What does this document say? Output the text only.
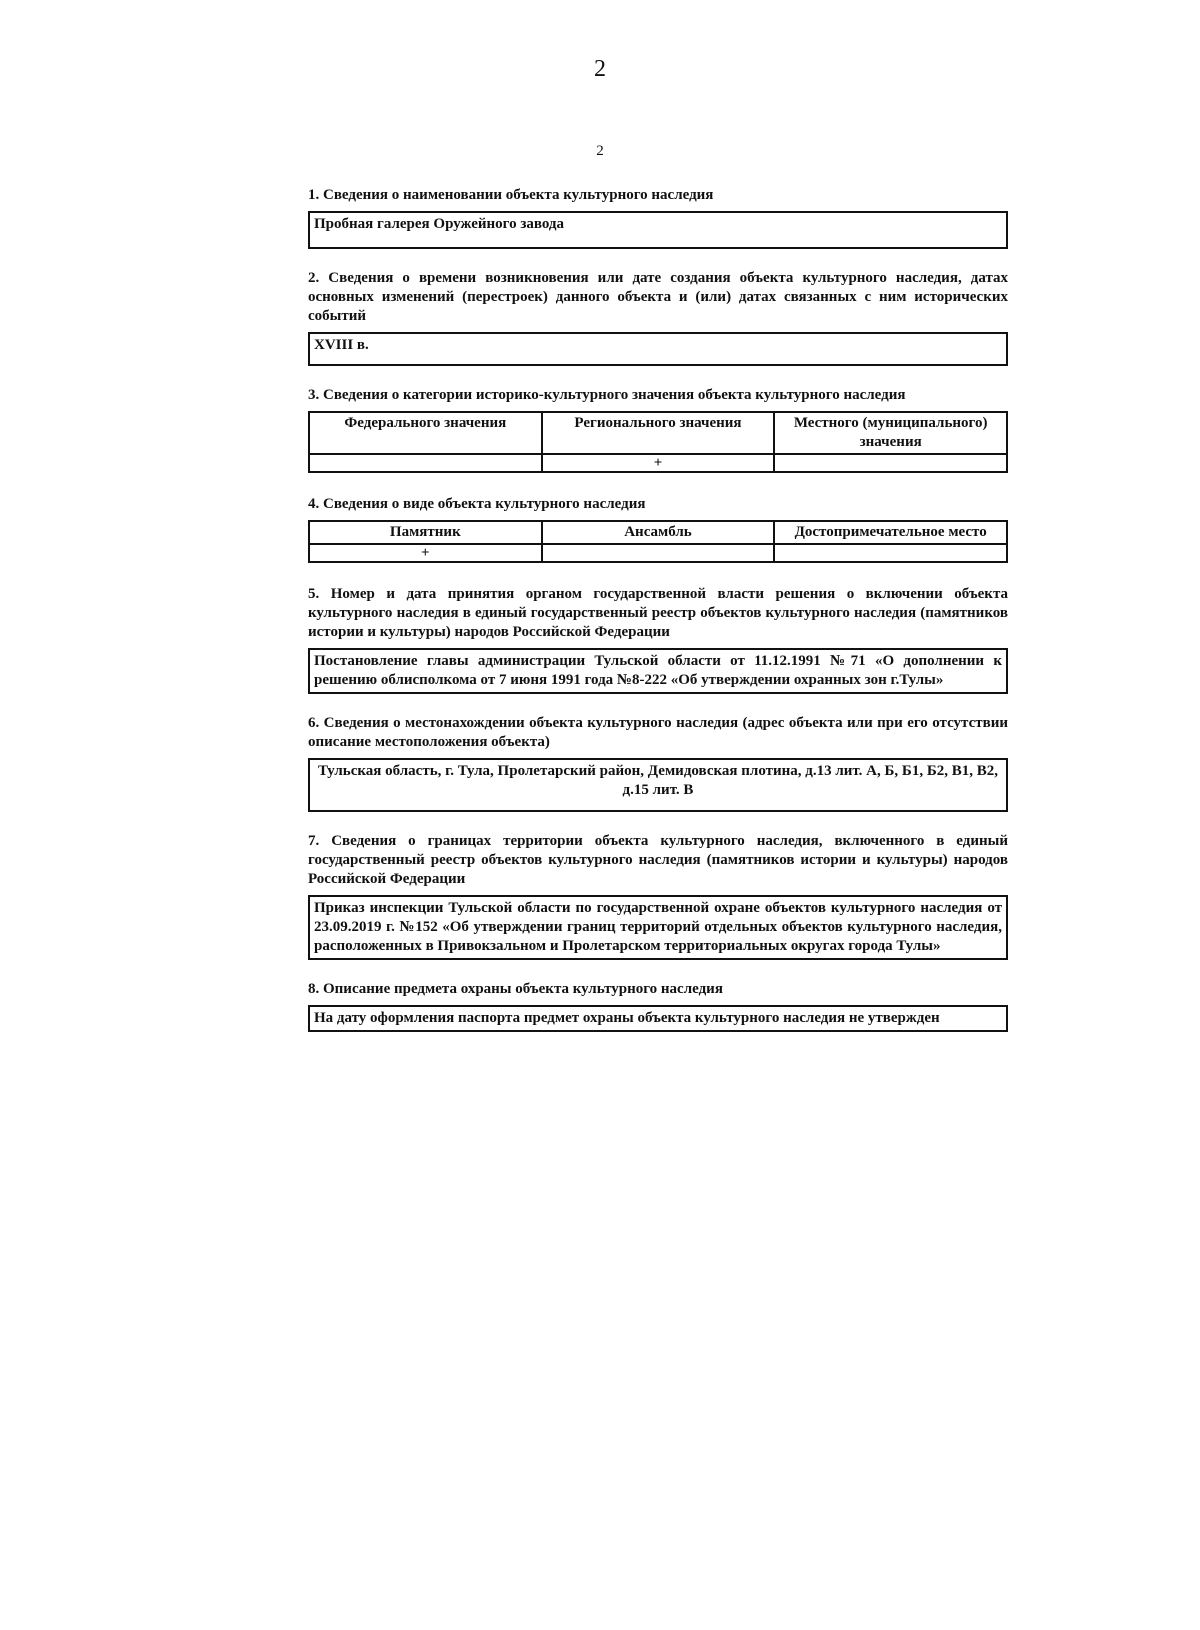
2
2
1. Сведения о наименовании объекта культурного наследия
Пробная галерея Оружейного завода
2. Сведения о времени возникновения или дате создания объекта культурного наследия, датах основных изменений (перестроек) данного объекта и (или) датах связанных с ним исторических событий
XVIII в.
3. Сведения о категории историко-культурного значения объекта культурного наследия
Федерального значения	Регионального значения	Местного (муниципального) значения
	+	
4. Сведения о виде объекта культурного наследия
Памятник	Ансамбль	Достопримечательное место
+		
5. Номер и дата принятия органом государственной власти решения о включении объекта культурного наследия в единый государственный реестр объектов культурного наследия (памятников истории и культуры) народов Российской Федерации
Постановление главы администрации Тульской области от 11.12.1991 №71 «О дополнении к решению облисполкома от 7 июня 1991 года №8-222 «Об утверждении охранных зон г.Тулы»
6. Сведения о местонахождении объекта культурного наследия (адрес объекта или при его отсутствии описание местоположения объекта)
Тульская область, г. Тула, Пролетарский район, Демидовская плотина, д.13 лит. А, Б, Б1, Б2, В1, В2, д.15 лит. В
7. Сведения о границах территории объекта культурного наследия, включенного в единый государственный реестр объектов культурного наследия (памятников истории и культуры) народов Российской Федерации
Приказ инспекции Тульской области по государственной охране объектов культурного наследия от 23.09.2019 г. №152 «Об утверждении границ территорий отдельных объектов культурного наследия, расположенных в Привокзальном и Пролетарском территориальных округах города Тулы»
8. Описание предмета охраны объекта культурного наследия
На дату оформления паспорта предмет охраны объекта культурного наследия не утвержден
